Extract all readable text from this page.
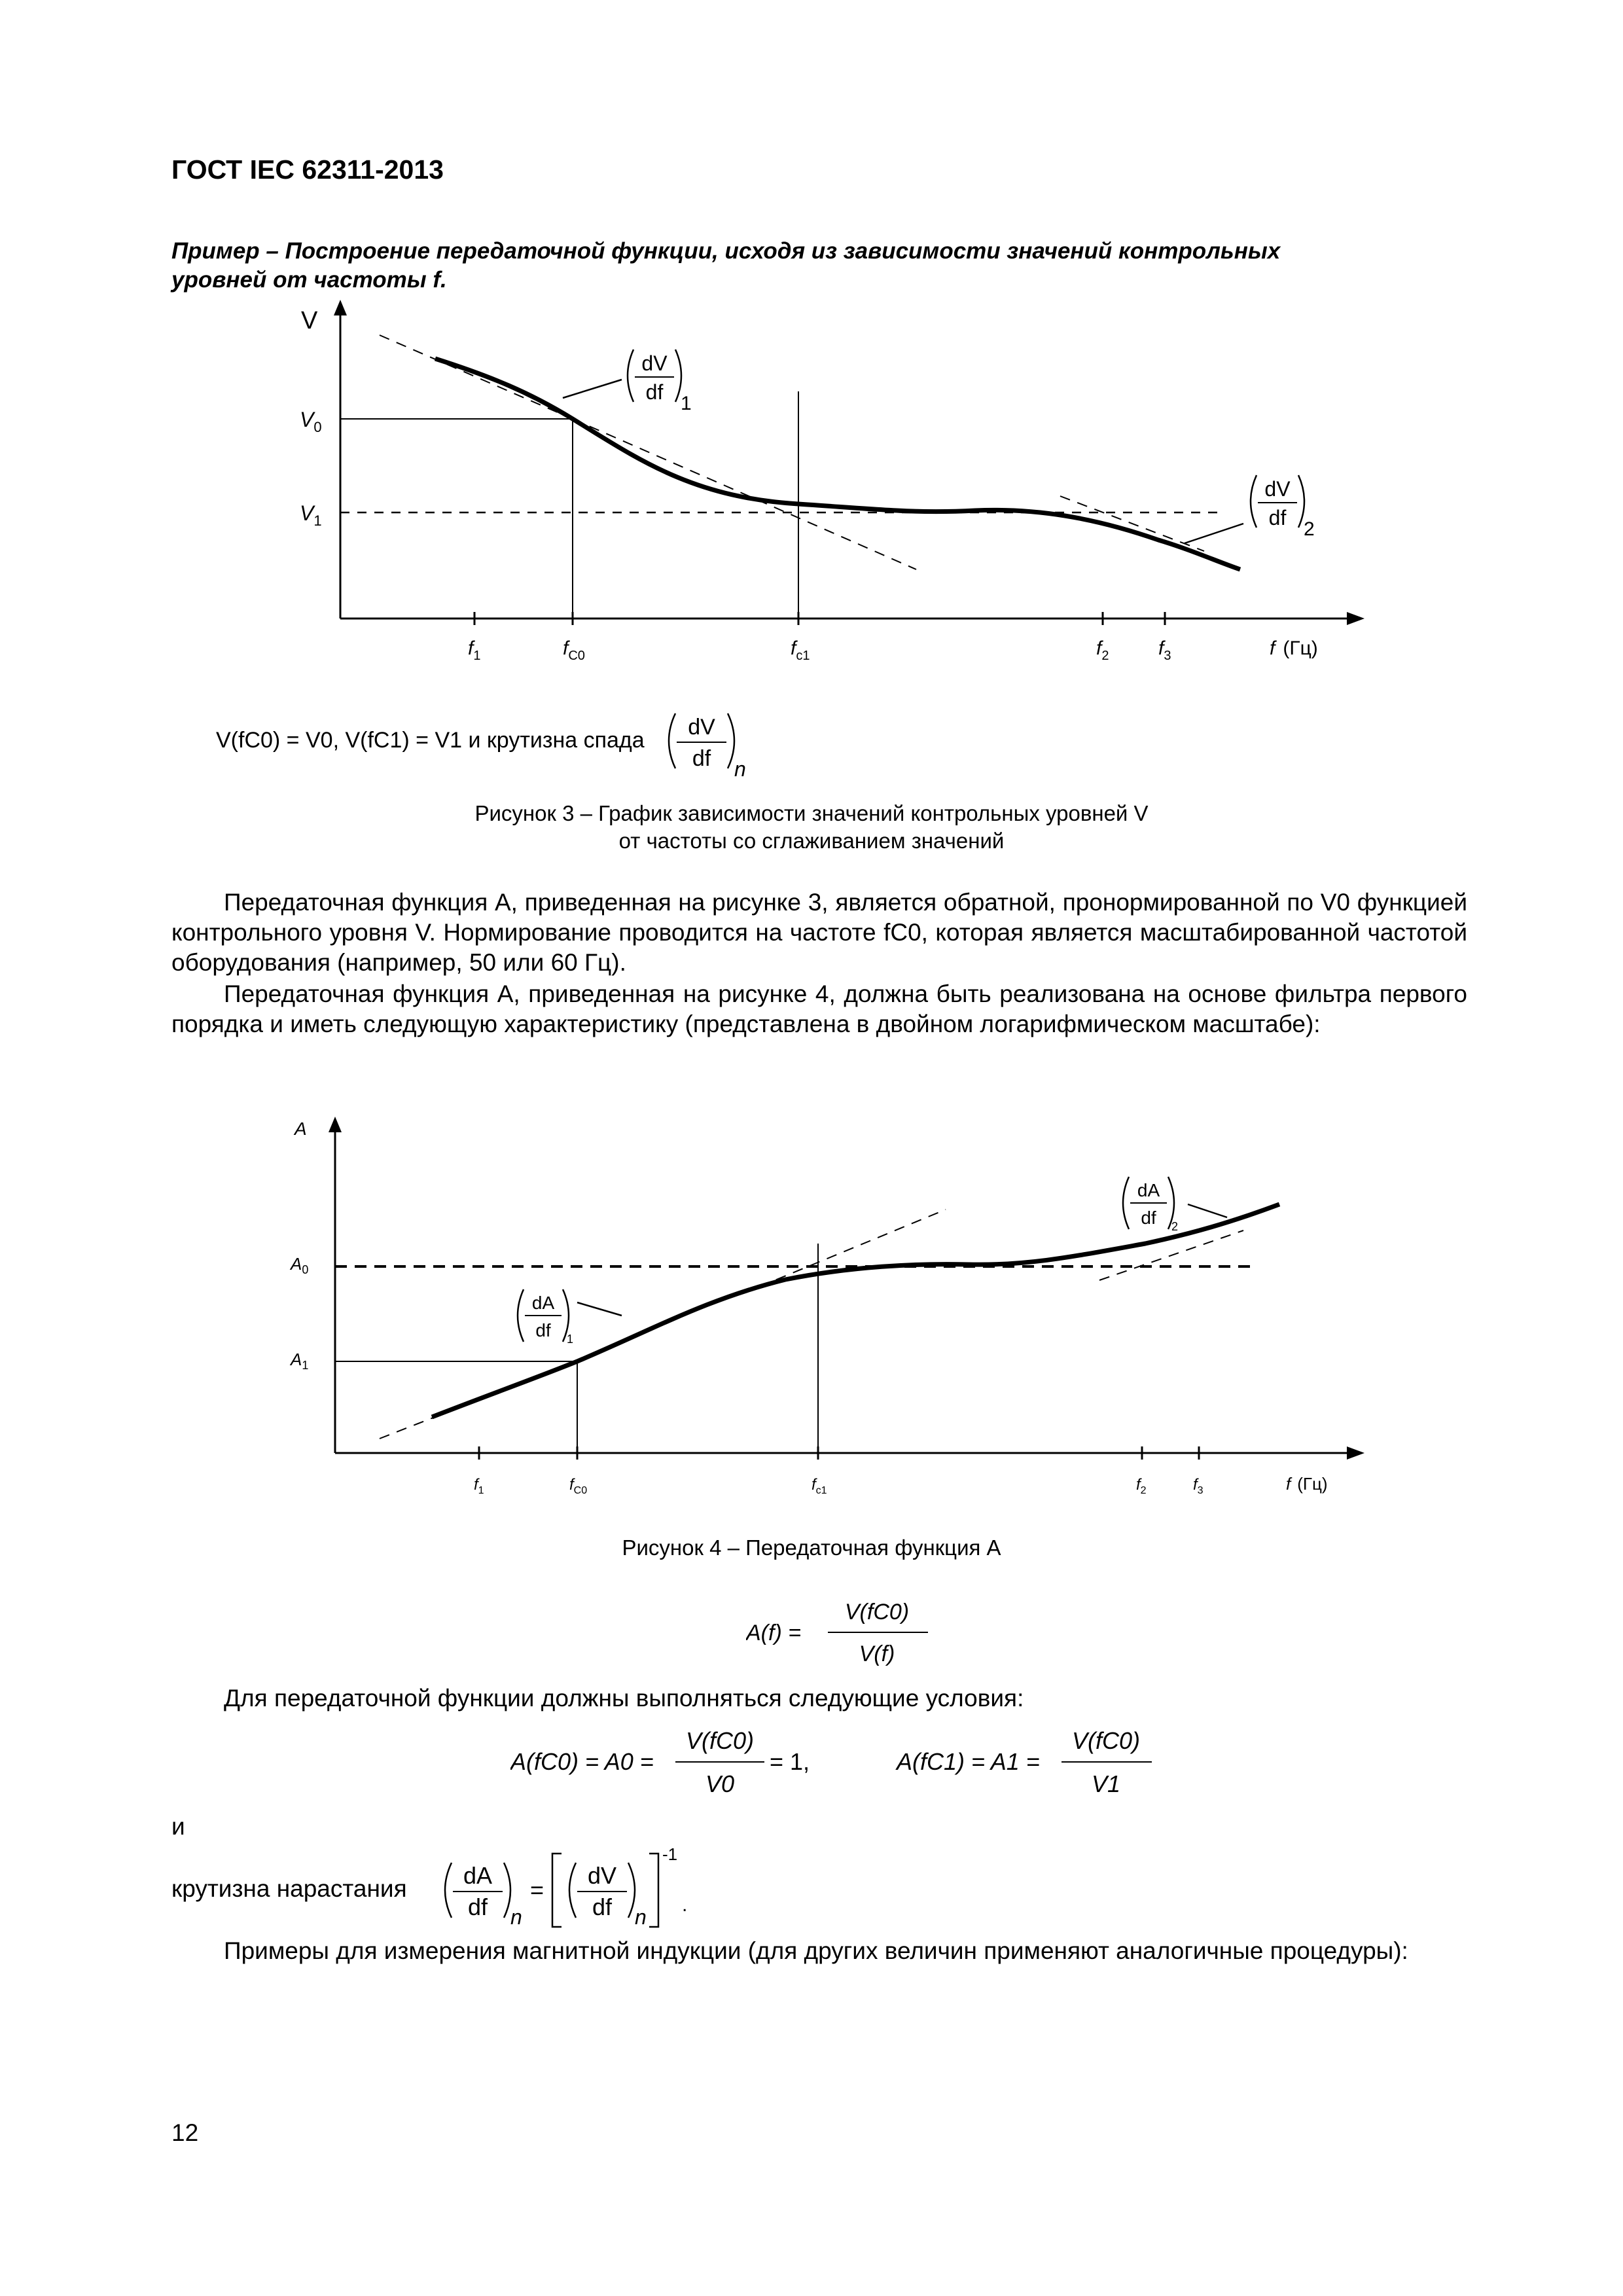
ГОСТ IEC 62311-2013
Пример – Построение передаточной функции, исходя из зависимости значений контрольных
уровней от частоты f.
V
$V_0$
$V_1$
$f_1$	$f_{C0}$	$f_{c1}$	$f_2$	$f_3$	f (Гц)
dV
df 1
dV
df 2
V(fC0) = V0, V(fC1) = V1 и крутизна спада
dV
df n
Рисунок 3 – График зависимости значений контрольных уровней V
от частоты со сглаживанием значений

Передаточная функция A, приведенная на рисунке 3, является обратной, пронормированной по V0 функцией контрольного уровня V. Нормирование проводится на частоте fC0, которая является масштабированной частотой оборудования (например, 50 или 60 Гц).

Передаточная функция A, приведенная на рисунке 4, должна быть реализована на основе фильтра первого порядка и иметь следующую характеристику (представлена в двойном логарифмическом масштабе):

A
$A_0$
$A_1$
$f_1$	$f_{C0}$	$f_{c1}$	$f_2$	$f_3$	f (Гц)
dA
df 1
dA
df 2
Рисунок 4 – Передаточная функция A
A(f) =
V(fC0)
V(f)

Для передаточной функции должны выполняться следующие условия:

A(fC0) = A0 =
V(fC0)
V0
= 1,	A(fC1) = A1 =
V(fC0)
V1
и
крутизна нарастания dA
df n
=
dV
df n
-1
.

Примеры для измерения магнитной индукции (для других величин применяют аналогичные процедуры):

12
